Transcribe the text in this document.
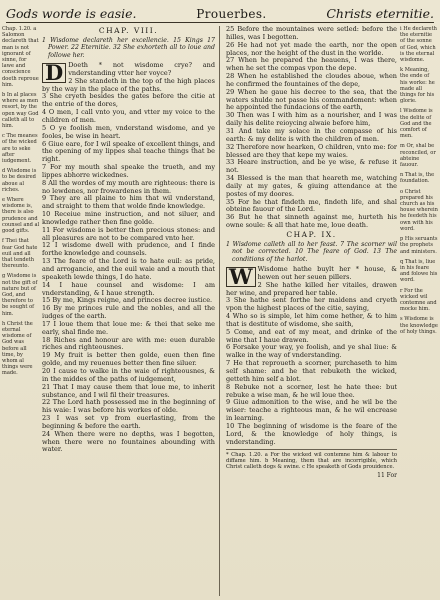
Gods worde is easie.	Prouerbes.	Christs eternitie.

Chap. 1.20. a Salomon declareth that man is not ignorant of sinne, for lawe and conscience doeth reproue him.

b In al places where as men resort, by the open way God calleth all to him.

c The meanes of the wicked are to seke after iudgement.

d Wisdome is to be desired aboue al riches.

e Where wisdome is, there is also prudence and counsel and al good gifts.

f Thei that fear God hate euil and all that tendeth thereunto.

g Wisdome is not the gift of nature but of God, and therefore to be sought of him.

h Christ the eternal wisdome of God was before all time, by whom al things were made.

CHAP. VIII.
1 Wisdome declareth her excellencie. 15 Kings 17 Power. 22 Eternitie. 32 She exhorteth all to loue and followe her.
D Doeth * not wisdome crye? and vnderstanding vtter her voyce?

2 She standeth in the top of the high places by the way in the place of the paths.

3 She cryeth besides the gates before the citie at the entrie of the dores,

4 O men, I call vnto you, and vtter my voice to the children of men.

5 O ye foolish men, vnderstand wisdome, and ye fooles, be wise in heart.

6 Giue eare, for I wil speake of excellent things, and the opening of my lippes shal teache things that be right.

7 For my mouth shal speake the trueth, and my lippes abhorre wickednes.

8 All the wordes of my mouth are righteous: there is no lewdenes, nor frowardenes in them.

9 They are all plaine to him that wil vnderstand, and straight to them that wolde finde knowledge.

10 Receiue mine instruction, and not siluer, and knowledge rather then fine golde.

11 For wisdome is better then precious stones: and all pleasures are not to be compared vnto her.

12 I wisdome dwell with prudence, and I finde forthe knowledge and counsels.

13 The feare of the Lord is to hate euil: as pride, and arrogancie, and the euil waie and a mouth that speaketh lewde things, I do hate.

14 I haue counsel and wisdome: I am vnderstanding, & I haue strength.

15 By me, Kings reigne, and princes decree iustice.

16 By me princes rule and the nobles, and all the iudges of the earth.

17 I loue them that loue me: & thei that seke me early, shal finde me.

18 Riches and honour are with me: euen durable riches and righteousnes.

19 My fruit is better then golde, euen then fine golde, and my reuenues better then fine siluer.

20 I cause to walke in the waie of righteousnes, & in the middes of the paths of iudgement,

21 That I may cause them that loue me, to inherit substance, and I wil fil their treasures.

22 The Lord hath possessed me in the beginning of his waie: I was before his workes of olde.

23 I was set vp from euerlasting, from the beginning & before the earth.

24 When there were no depths, was I begotten, when there were no fountaines abounding with water.

25 Before the mountaines were setled: before the hilles, was I begotten.

26 He had not yet made the earth, nor the open places, nor the height of the dust in the worlde.

27 When he prepared the heauens, I was there, when he set the compas vpon the depe.

28 When he established the cloudes aboue, when he confirmed the fountaines of the depe,

29 When he gaue his decree to the sea, that the waters shulde not passe his commandement: when he appointed the fundacions of the earth,

30 Then was I with him as a nourisher, and I was daily his delite reioycing alwaie before him,

31 And take my solace in the compasse of his earth: & my delite is with the children of men.

32 Therefore now hearken, O children, vnto me: for blessed are they that kepe my waies.

33 Heare instruction, and be ye wise, & refuse it not.

34 Blessed is the man that heareth me, watching daily at my gates, & giuing attendance at the postes of my doores.

35 For he that findeth me, findeth life, and shal obteine fauour of the Lord.

36 But he that sinneth against me, hurteth his owne soule: & all that hate me, loue death.

CHAP. IX.
1 Wisdome calleth all to her feast. 7 The scorner wil not be corrected. 10 The feare of God. 13 The conditions of the harlot.
W Wisdome hathe buylt her * house, & hewen out her seuen pillers.

2 She hathe killed her vitailes, drawen her wine, and prepared her table.

3 She hathe sent forthe her maidens and cryeth vpon the highest places of the citie, saying,

4 Who so is simple, let him come hether, & to him that is destitute of wisdome, she saith,

5 Come, and eat of my meat, and drinke of the wine that I haue drawen.

6 Forsake your way, ye foolish, and ye shal liue: & walke in the way of vnderstanding.

7 He that reproueth a scorner, purchaseth to him self shame: and he that rebuketh the wicked, getteth him self a blot.

8 Rebuke not a scorner, lest he hate thee: but rebuke a wise man, & he wil loue thee.

9 Giue admonition to the wise, and he wil be the wiser: teache a righteous man, & he wil encrease in learning.

10 The beginning of wisdome is the feare of the Lord, & the knowledge of holy things, is vnderstanding.

* Chap. 1.20. a For the wicked wil contemne him & labour to diffame him. b Meaning, them that are incorrigible, which Christ calleth dogs & swine. c He speaketh of Gods prouidence.
11 For

i He declareth the eternitie of the sonne of God, which is the eternal wisdome.

k Meaning, the ende of his worke: he made all things for his glorie.

l Wisdome is the delite of God and the comfort of men.

m Or, shal be reconciled, or abteine fauour.

n That is, the foundation.

o Christ prepared his church as his house wherein he feedeth his own with his word.

p His seruants the prophets and ministers.

q That is, liue in his feare and folowe his word.

r For the wicked wil contemne and mocke him.

s Wisdome is the knowledge of holy things.
